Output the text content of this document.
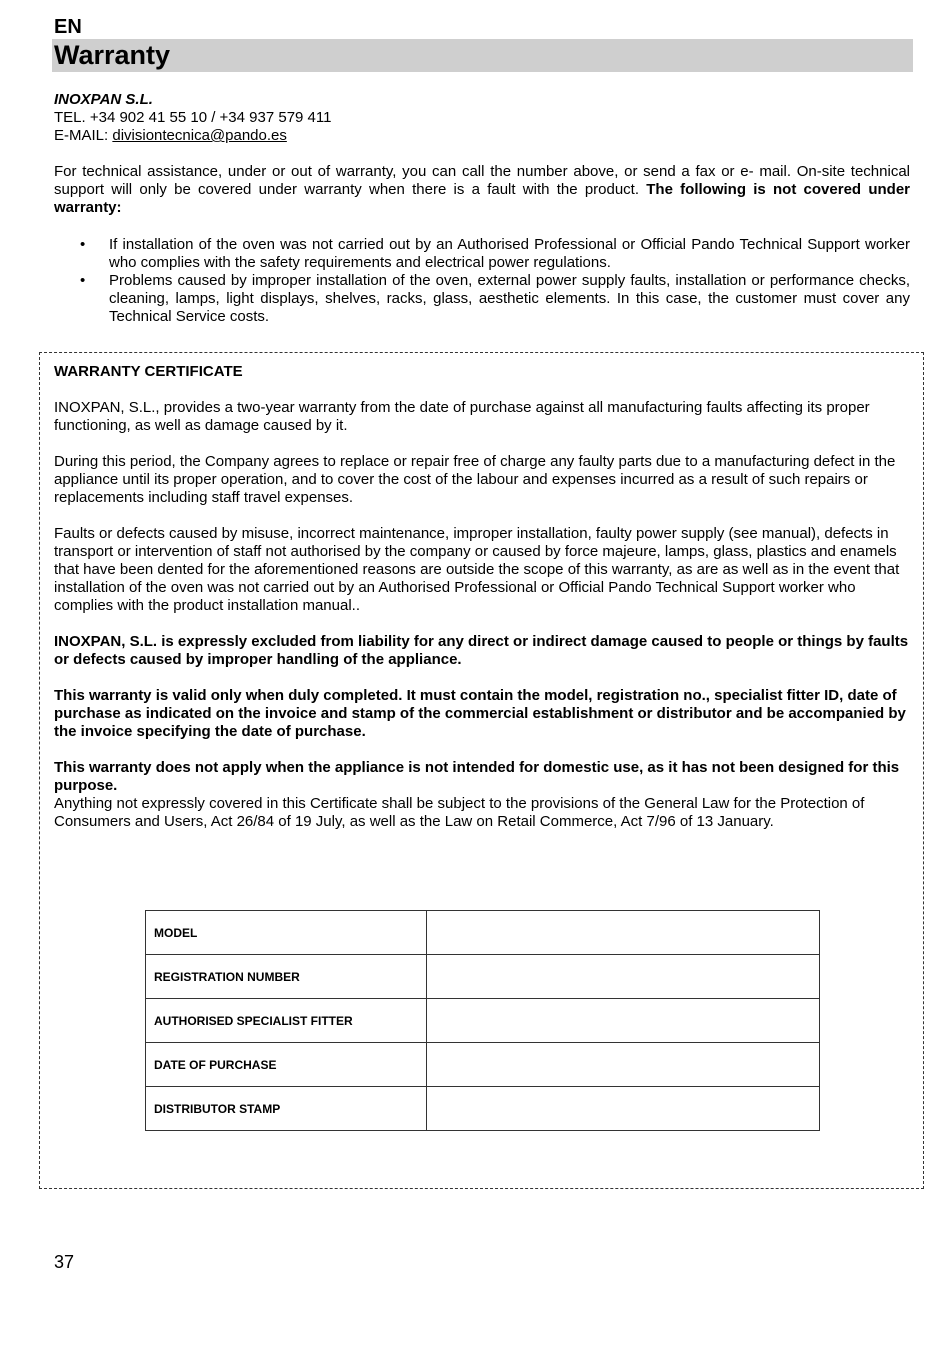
EN
Warranty
INOXPAN S.L.
TEL. +34 902 41 55 10 / +34 937 579 411
E-MAIL: divisiontecnica@pando.es
For technical assistance, under or out of warranty, you can call the number above, or send a fax or e- mail. On-site technical support will only be covered under warranty when there is a fault with the product. The following is not covered under warranty:

• If installation of the oven was not carried out by an Authorised Professional or Official Pando Technical Support worker who complies with the safety requirements and electrical power regulations.

• Problems caused by improper installation of the oven, external power supply faults, installation or performance checks, cleaning, lamps, light displays, shelves, racks, glass, aesthetic elements. In this case, the customer must cover any Technical Service costs.

WARRANTY CERTIFICATE
INOXPAN, S.L., provides a two-year warranty from the date of purchase against all manufacturing faults affecting its proper functioning, as well as damage caused by it.
During this period, the Company agrees to replace or repair free of charge any faulty parts due to a manufacturing defect in the appliance until its proper operation, and to cover the cost of the labour and expenses incurred as a result of such repairs or replacements including staff travel expenses.
Faults or defects caused by misuse, incorrect maintenance, improper installation, faulty power supply (see manual), defects in transport or intervention of staff not authorised by the company or caused by force majeure, lamps, glass, plastics and enamels that have been dented for the aforementioned reasons are outside the scope of this warranty, as are as well as in the event that installation of the oven was not carried out by an Authorised Professional or Official Pando Technical Support worker who complies with the product installation manual..
INOXPAN, S.L. is expressly excluded from liability for any direct or indirect damage caused to people or things by faults or defects caused by improper handling of the appliance.
This warranty is valid only when duly completed. It must contain the model, registration no., specialist fitter ID, date of purchase as indicated on the invoice and stamp of the commercial establishment or distributor and be accompanied by the invoice specifying the date of purchase.
This warranty does not apply when the appliance is not intended for domestic use, as it has not been designed for this purpose.
Anything not expressly covered in this Certificate shall be subject to the provisions of the General Law for the Protection of Consumers and Users, Act 26/84 of 19 July, as well as the Law on Retail Commerce, Act 7/96 of 13 January.
MODEL	
REGISTRATION NUMBER	
AUTHORISED SPECIALIST FITTER	
DATE OF PURCHASE	
DISTRIBUTOR STAMP	
37
